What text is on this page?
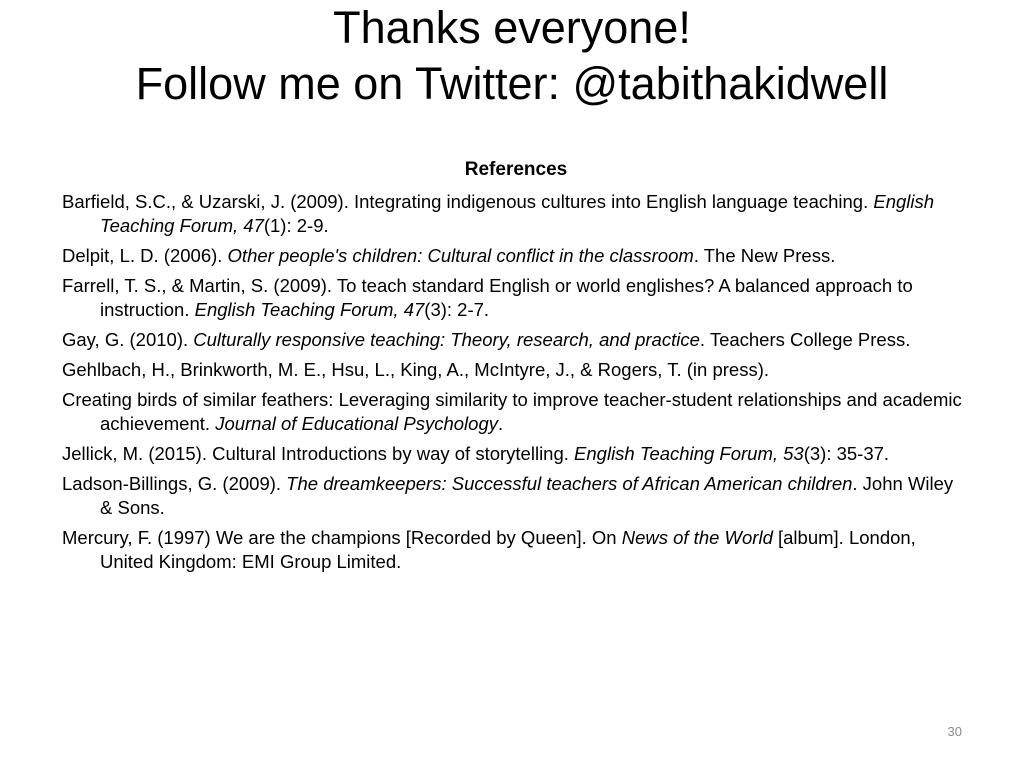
Thanks everyone!
Follow me on Twitter: @tabithakidwell
References
Barfield, S.C., & Uzarski, J. (2009). Integrating indigenous cultures into English language teaching. English Teaching Forum, 47(1): 2-9.
Delpit, L. D. (2006). Other people's children: Cultural conflict in the classroom. The New Press.
Farrell, T. S., & Martin, S. (2009). To teach standard English or world englishes? A balanced approach to instruction. English Teaching Forum, 47(3): 2-7.
Gay, G. (2010). Culturally responsive teaching: Theory, research, and practice. Teachers College Press.
Gehlbach, H., Brinkworth, M. E., Hsu, L., King, A., McIntyre, J., & Rogers, T. (in press).
Creating birds of similar feathers: Leveraging similarity to improve teacher-student relationships and academic achievement. Journal of Educational Psychology.
Jellick, M. (2015). Cultural Introductions by way of storytelling. English Teaching Forum, 53(3): 35-37.
Ladson-Billings, G. (2009). The dreamkeepers: Successful teachers of African American children. John Wiley & Sons.
Mercury, F. (1997) We are the champions [Recorded by Queen]. On News of the World [album]. London, United Kingdom: EMI Group Limited.
30
